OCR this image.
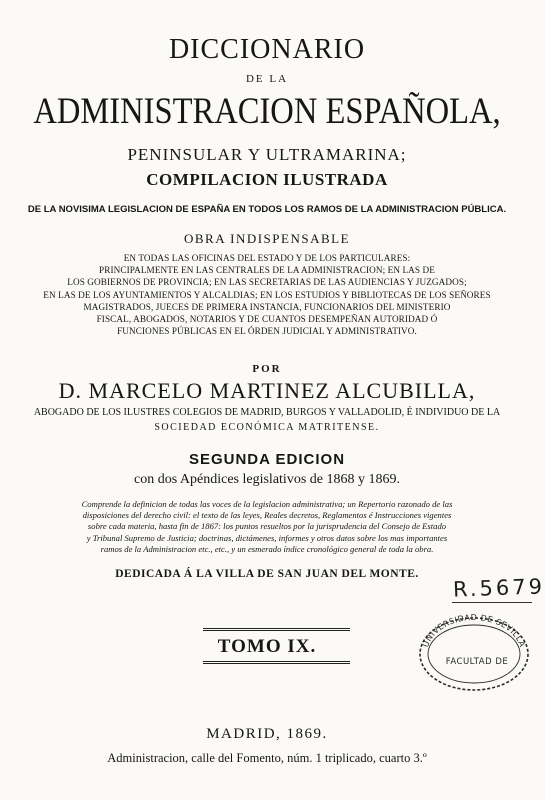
DICCIONARIO
DE LA
ADMINISTRACION ESPAÑOLA,
PENINSULAR Y ULTRAMARINA;
COMPILACION ILUSTRADA
DE LA NOVISIMA LEGISLACION DE ESPAÑA EN TODOS LOS RAMOS DE LA ADMINISTRACION PÚBLICA.
OBRA INDISPENSABLE
EN TODAS LAS OFICINAS DEL ESTADO Y DE LOS PARTICULARES:
PRINCIPALMENTE EN LAS CENTRALES DE LA ADMINISTRACION; EN LAS DE
LOS GOBIERNOS DE PROVINCIA; EN LAS SECRETARIAS DE LAS AUDIENCIAS Y JUZGADOS;
EN LAS DE LOS AYUNTAMIENTOS Y ALCALDIAS; EN LOS ESTUDIOS Y BIBLIOTECAS DE LOS SEÑORES
MAGISTRADOS, JUECES DE PRIMERA INSTANCIA, FUNCIONARIOS DEL MINISTERIO
FISCAL, ABOGADOS, NOTARIOS Y DE CUANTOS DESEMPEÑAN AUTORIDAD Ó
FUNCIONES PÚBLICAS EN EL ÓRDEN JUDICIAL Y ADMINISTRATIVO.
POR
D. MARCELO MARTINEZ ALCUBILLA,
ABOGADO DE LOS ILUSTRES COLEGIOS DE MADRID, BURGOS Y VALLADOLID, É INDIVIDUO DE LA
SOCIEDAD ECONÓMICA MATRITENSE.
SEGUNDA EDICION
con dos Apéndices legislativos de 1868 y 1869.
Comprende la definicion de todas las voces de la legislacion administrativa; un Repertorio razonado de las
disposiciones del derecho civil: el texto de las leyes, Reales decretos, Reglamentos é Instrucciones vigentes
sobre cada materia, hasta fin de 1867: los puntos resueltos por la jurisprudencia del Consejo de Estado
y Tribunal Supremo de Justicia; doctrinas, dictámenes, informes y otros datos sobre los mas importantes
ramos de la Administracion etc., etc., y un esmerado índice cronológico general de toda la obra.
DEDICADA Á LA VILLA DE SAN JUAN DEL MONTE.
TOMO IX.
MADRID, 1869.
Administracion, calle del Fomento, núm. 1 triplicado, cuarto 3.º
R.5679
UNIVERSIDAD DE SEVILLA
FACULTAD DE
